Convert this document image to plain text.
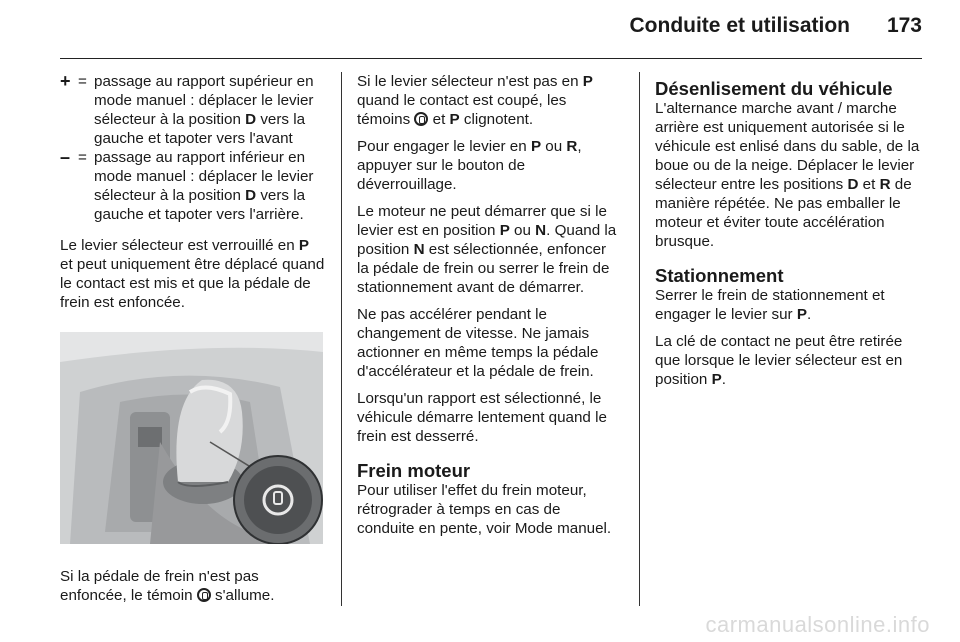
Conduite et utilisation	173
+ = passage au rapport supérieur en mode manuel : déplacer le levier sélecteur à la position D vers la gauche et tapoter vers l'avant
– = passage au rapport inférieur en mode manuel : déplacer le levier sélecteur à la position D vers la gauche et tapoter vers l'arrière.

Le levier sélecteur est verrouillé en P et peut uniquement être déplacé quand le contact est mis et que la pédale de frein est enfoncée.

Si la pédale de frein n'est pas enfoncée, le témoin  s'allume.

Si le levier sélecteur n'est pas en P quand le contact est coupé, les témoins  et P clignotent.

Pour engager le levier en P ou R, appuyer sur le bouton de déverrouillage.

Le moteur ne peut démarrer que si le levier est en position P ou N. Quand la position N est sélectionnée, enfoncer la pédale de frein ou serrer le frein de stationnement avant de démarrer.

Ne pas accélérer pendant le changement de vitesse. Ne jamais actionner en même temps la pédale d'accélérateur et la pédale de frein.

Lorsqu'un rapport est sélectionné, le véhicule démarre lentement quand le frein est desserré.

Frein moteur

Pour utiliser l'effet du frein moteur, rétrograder à temps en cas de conduite en pente, voir Mode manuel.

Désenlisement du véhicule

L'alternance marche avant / marche arrière est uniquement autorisée si le véhicule est enlisé dans du sable, de la boue ou de la neige. Déplacer le levier sélecteur entre les positions D et R de manière répétée. Ne pas emballer le moteur et éviter toute accélération brusque.

Stationnement

Serrer le frein de stationnement et engager le levier sur P.

La clé de contact ne peut être retirée que lorsque le levier sélecteur est en position P.

carmanualsonline.info
